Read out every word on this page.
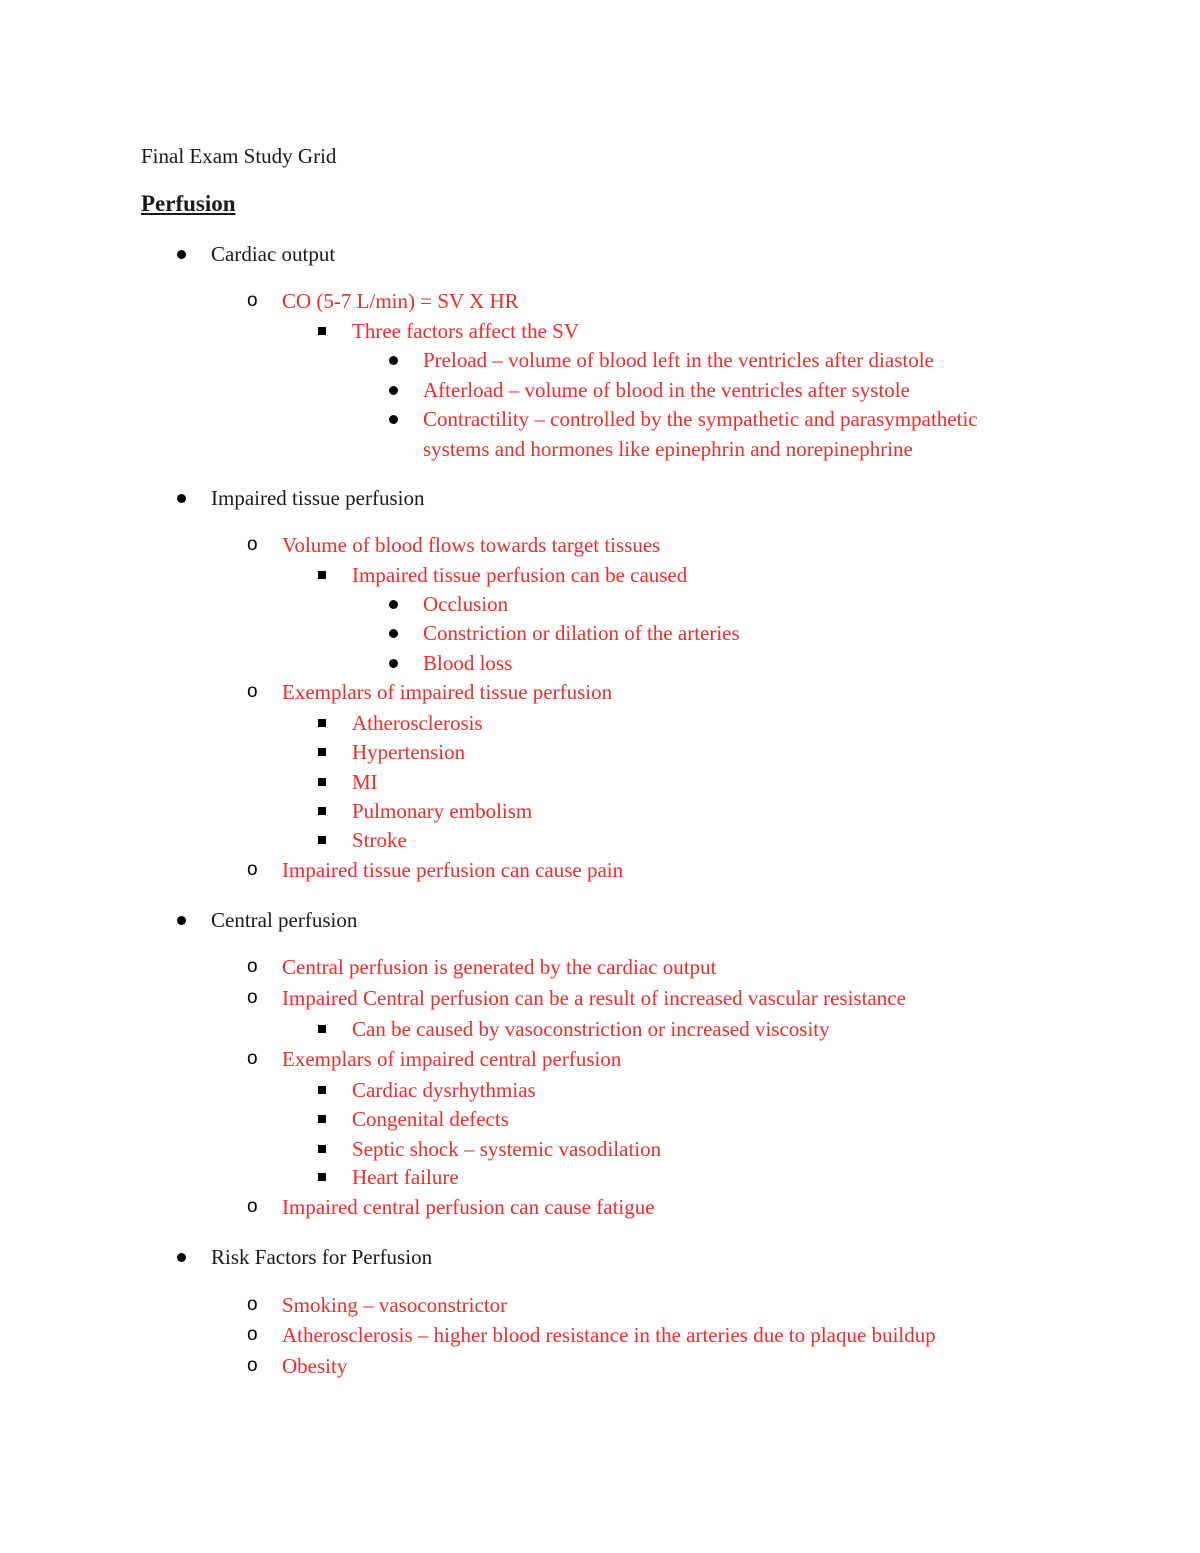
Final Exam Study Grid
Perfusion
Cardiac output
o CO (5-7 L/min) = SV X HR
Three factors affect the SV
Preload – volume of blood left in the ventricles after diastole
Afterload – volume of blood in the ventricles after systole
Contractility – controlled by the sympathetic and parasympathetic
systems and hormones like epinephrin and norepinephrine
Impaired tissue perfusion
o Volume of blood flows towards target tissues
Impaired tissue perfusion can be caused
Occlusion
Constriction or dilation of the arteries
Blood loss
o Exemplars of impaired tissue perfusion
Atherosclerosis
Hypertension
MI
Pulmonary embolism
Stroke
o Impaired tissue perfusion can cause pain
Central perfusion
o Central perfusion is generated by the cardiac output
o Impaired Central perfusion can be a result of increased vascular resistance
Can be caused by vasoconstriction or increased viscosity
o Exemplars of impaired central perfusion
Cardiac dysrhythmias
Congenital defects
Septic shock – systemic vasodilation
Heart failure
o Impaired central perfusion can cause fatigue
Risk Factors for Perfusion
o Smoking – vasoconstrictor
o Atherosclerosis – higher blood resistance in the arteries due to plaque buildup
o Obesity
